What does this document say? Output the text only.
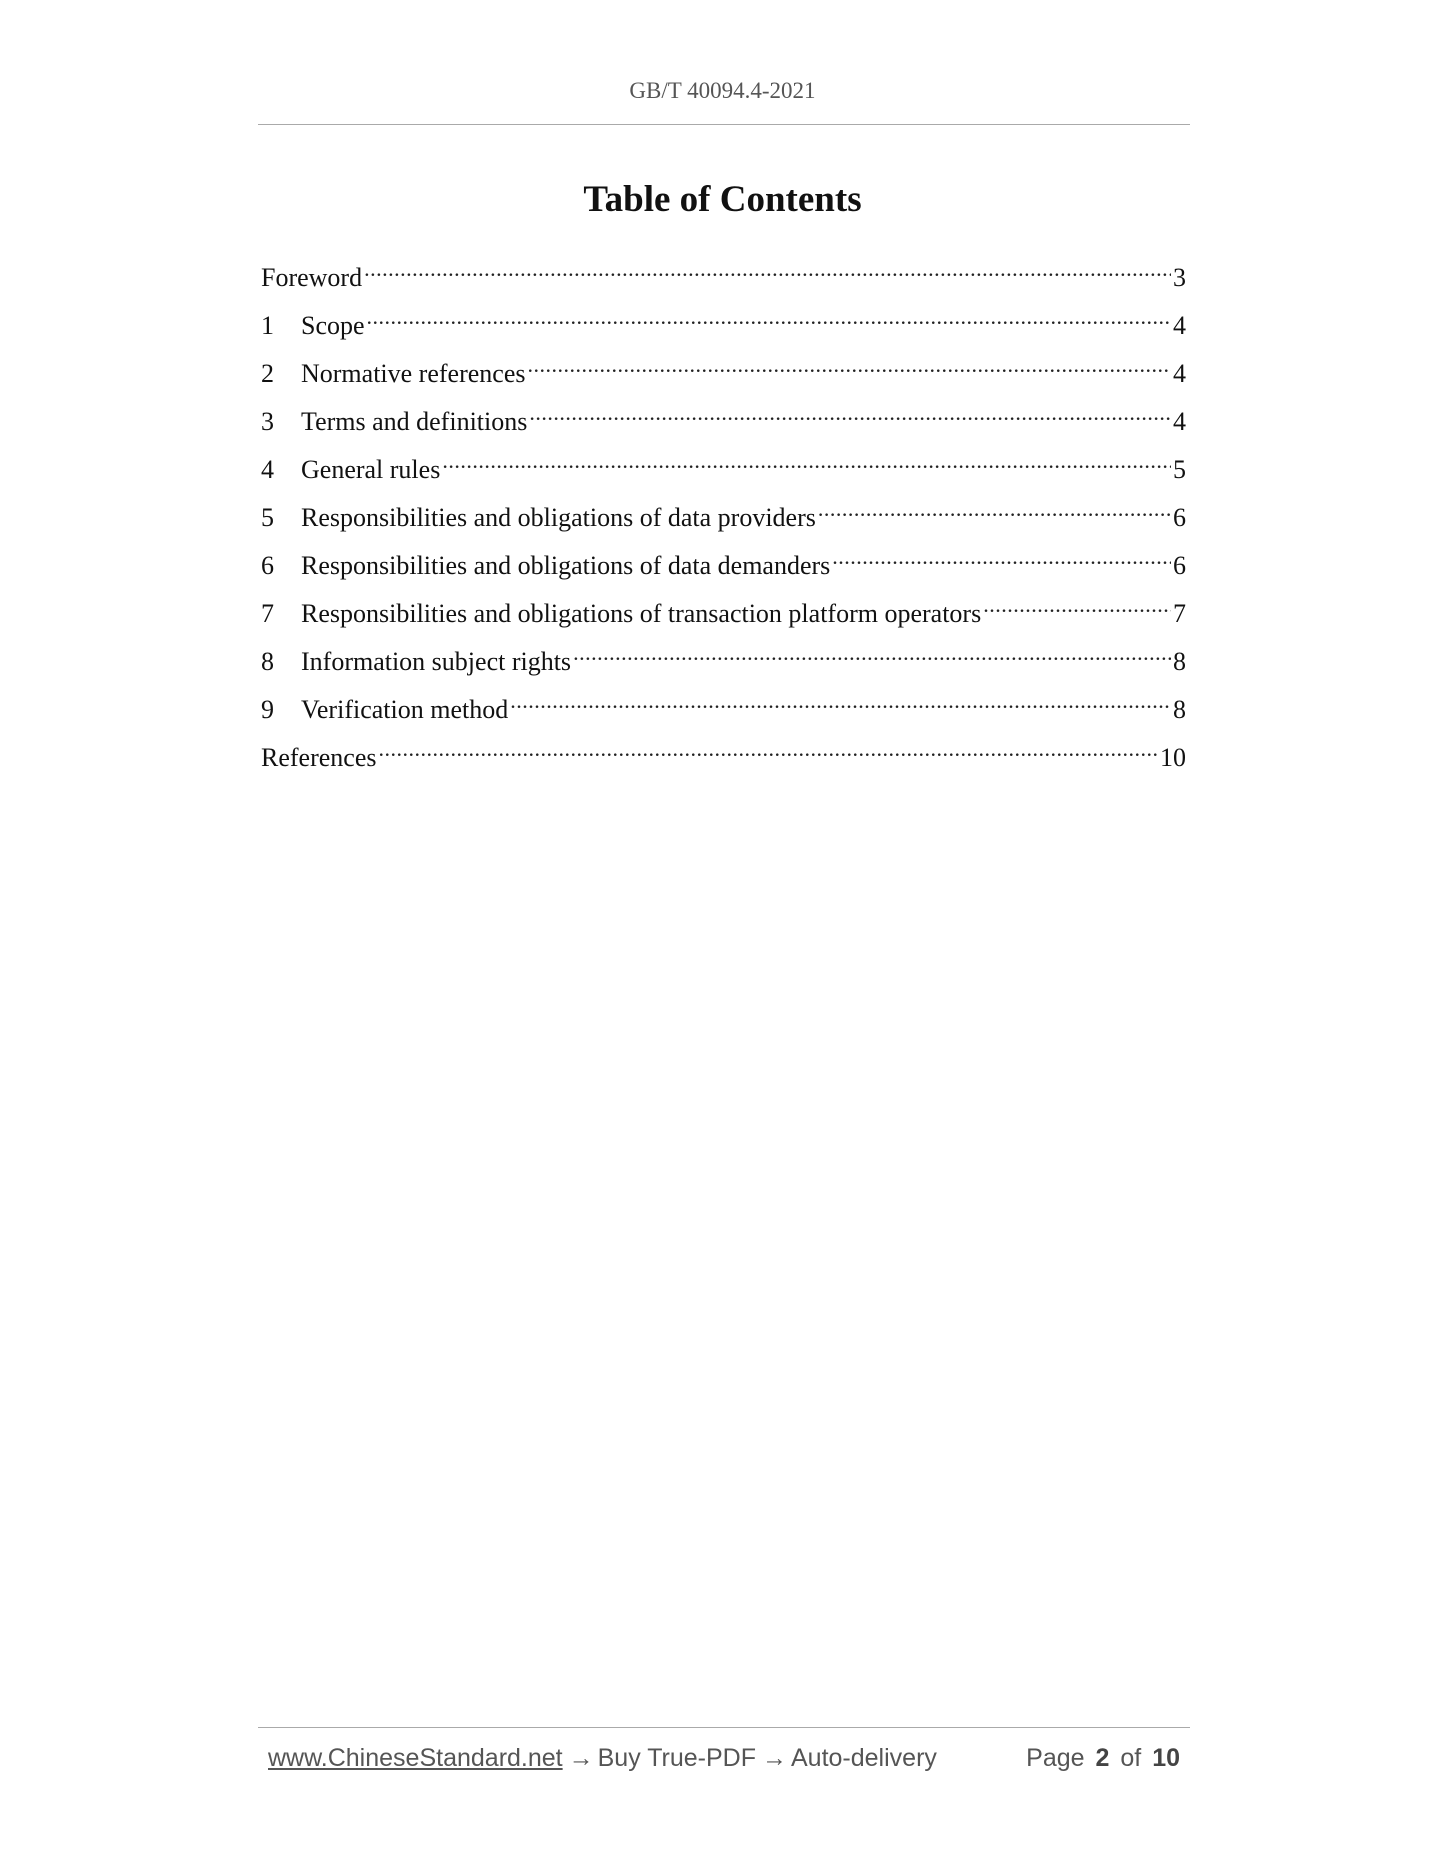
GB/T 40094.4-2021
Table of Contents
Foreword .....	3
1	Scope .....	4
2	Normative references .....	4
3	Terms and definitions .....	4
4	General rules .....	5
5	Responsibilities and obligations of data providers .....	6
6	Responsibilities and obligations of data demanders .....	6
7	Responsibilities and obligations of transaction platform operators .....	7
8	Information subject rights .....	8
9	Verification method .....	8
References .....	10
www.ChineseStandard.net → Buy True-PDF → Auto-delivery	Page 2 of 10
